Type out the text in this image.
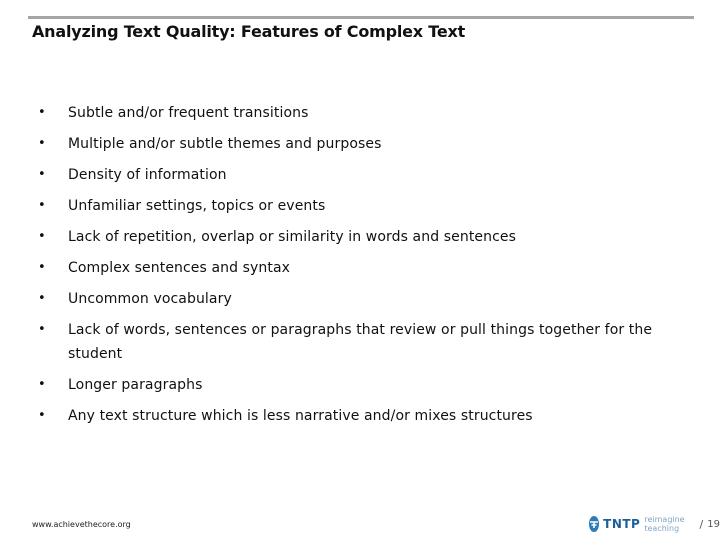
Analyzing Text Quality: Features of Complex Text
•	Subtle and/or frequent transitions
•	Multiple and/or subtle themes and purposes
•	Density of information
•	Unfamiliar settings, topics or events
•	Lack of repetition, overlap or similarity in words and sentences
•	Complex sentences and syntax
•	Uncommon vocabulary
•	Lack of words, sentences or paragraphs that review or pull things together for the student
•	Longer paragraphs
•	Any text structure which is less narrative and/or mixes structures
www.achievethecore.org	TNTP reimagine teaching	/ 19
